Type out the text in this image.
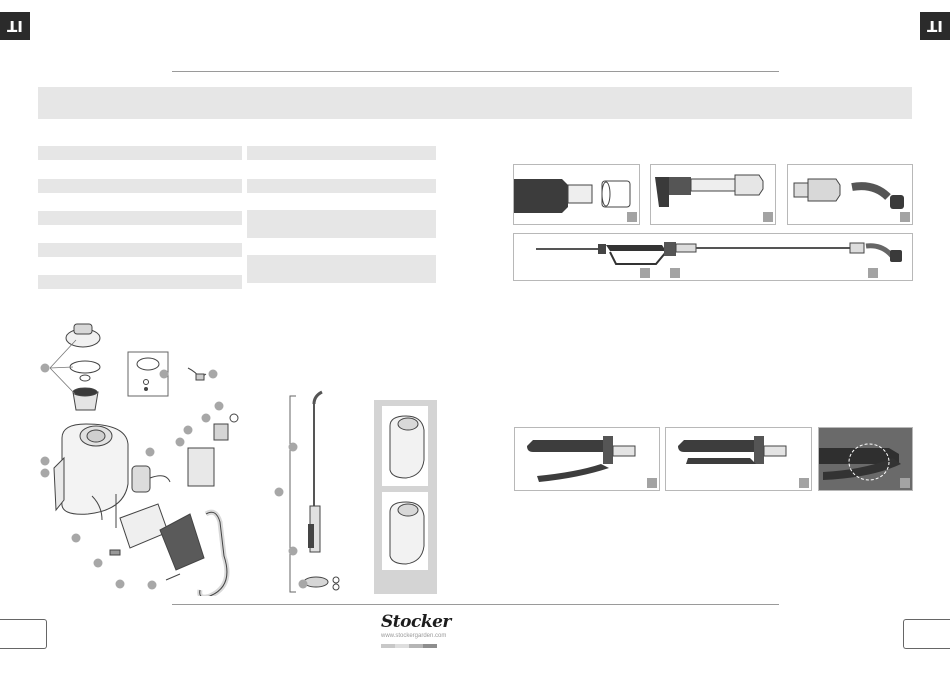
IT	IT
Stocker
www.stockergarden.com
